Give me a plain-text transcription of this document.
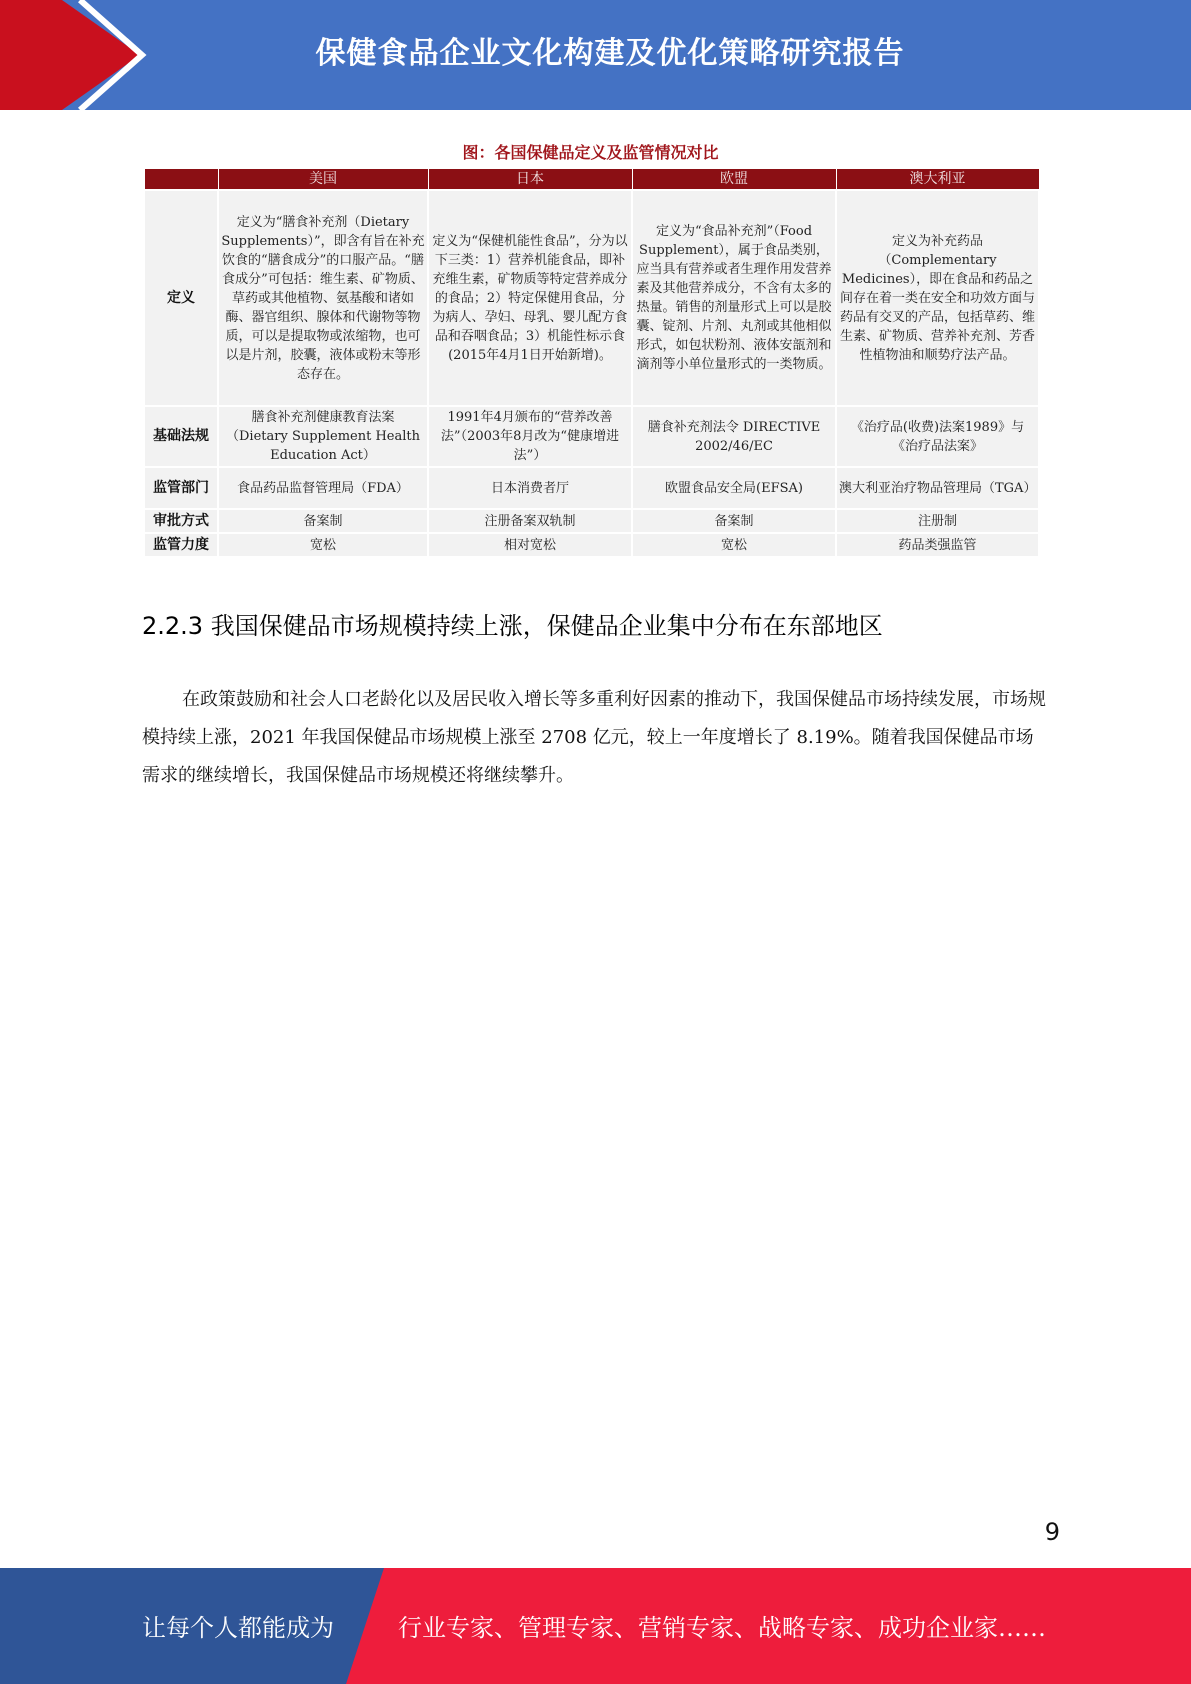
保健食品企业文化构建及优化策略研究报告
图：各国保健品定义及监管情况对比
	美国	日本	欧盟	澳大利亚
定义	定义为“膳食补充剂（Dietary Supplements）”，即含有旨在补充饮食的“膳食成分”的口服产品。“膳食成分”可包括：维生素、矿物质、草药或其他植物、氨基酸和诸如酶、器官组织、腺体和代谢物等物质，可以是提取物或浓缩物，也可以是片剂，胶囊，液体或粉末等形态存在。	定义为“保健机能性食品”，分为以下三类：1）营养机能食品，即补充维生素，矿物质等特定营养成分的食品；2）特定保健用食品，分为病人、孕妇、母乳、婴儿配方食品和吞咽食品；3）机能性标示食(2015年4月1日开始新增)。	定义为“食品补充剂”（Food Supplement），属于食品类别，应当具有营养或者生理作用发营养素及其他营养成分，不含有太多的热量。销售的剂量形式上可以是胶囊、锭剂、片剂、丸剂或其他相似形式，如包状粉剂、液体安瓿剂和滴剂等小单位量形式的一类物质。	定义为补充药品（Complementary Medicines），即在食品和药品之间存在着一类在安全和功效方面与药品有交叉的产品，包括草药、维生素、矿物质、营养补充剂、芳香性植物油和顺势疗法产品。
基础法规	膳食补充剂健康教育法案（Dietary Supplement Health Education Act）	1991年4月颁布的“营养改善法”（2003年8月改为“健康增进法”）	膳食补充剂法令 DIRECTIVE 2002/46/EC	《治疗品(收费)法案1989》与《治疗品法案》
监管部门	食品药品监督管理局（FDA）	日本消费者厅	欧盟食品安全局(EFSA)	澳大利亚治疗物品管理局（TGA）
审批方式	备案制	注册备案双轨制	备案制	注册制
监管力度	宽松	相对宽松	宽松	药品类强监管
2.2.3 我国保健品市场规模持续上涨，保健品企业集中分布在东部地区

在政策鼓励和社会人口老龄化以及居民收入增长等多重利好因素的推动下，我国保健品市场持续发展，市场规模持续上涨，2021 年我国保健品市场规模上涨至 2708 亿元，较上一年度增长了 8.19%。随着我国保健品市场需求的继续增长，我国保健品市场规模还将继续攀升。

9
让每个人都能成为	行业专家、管理专家、营销专家、战略专家、成功企业家……
